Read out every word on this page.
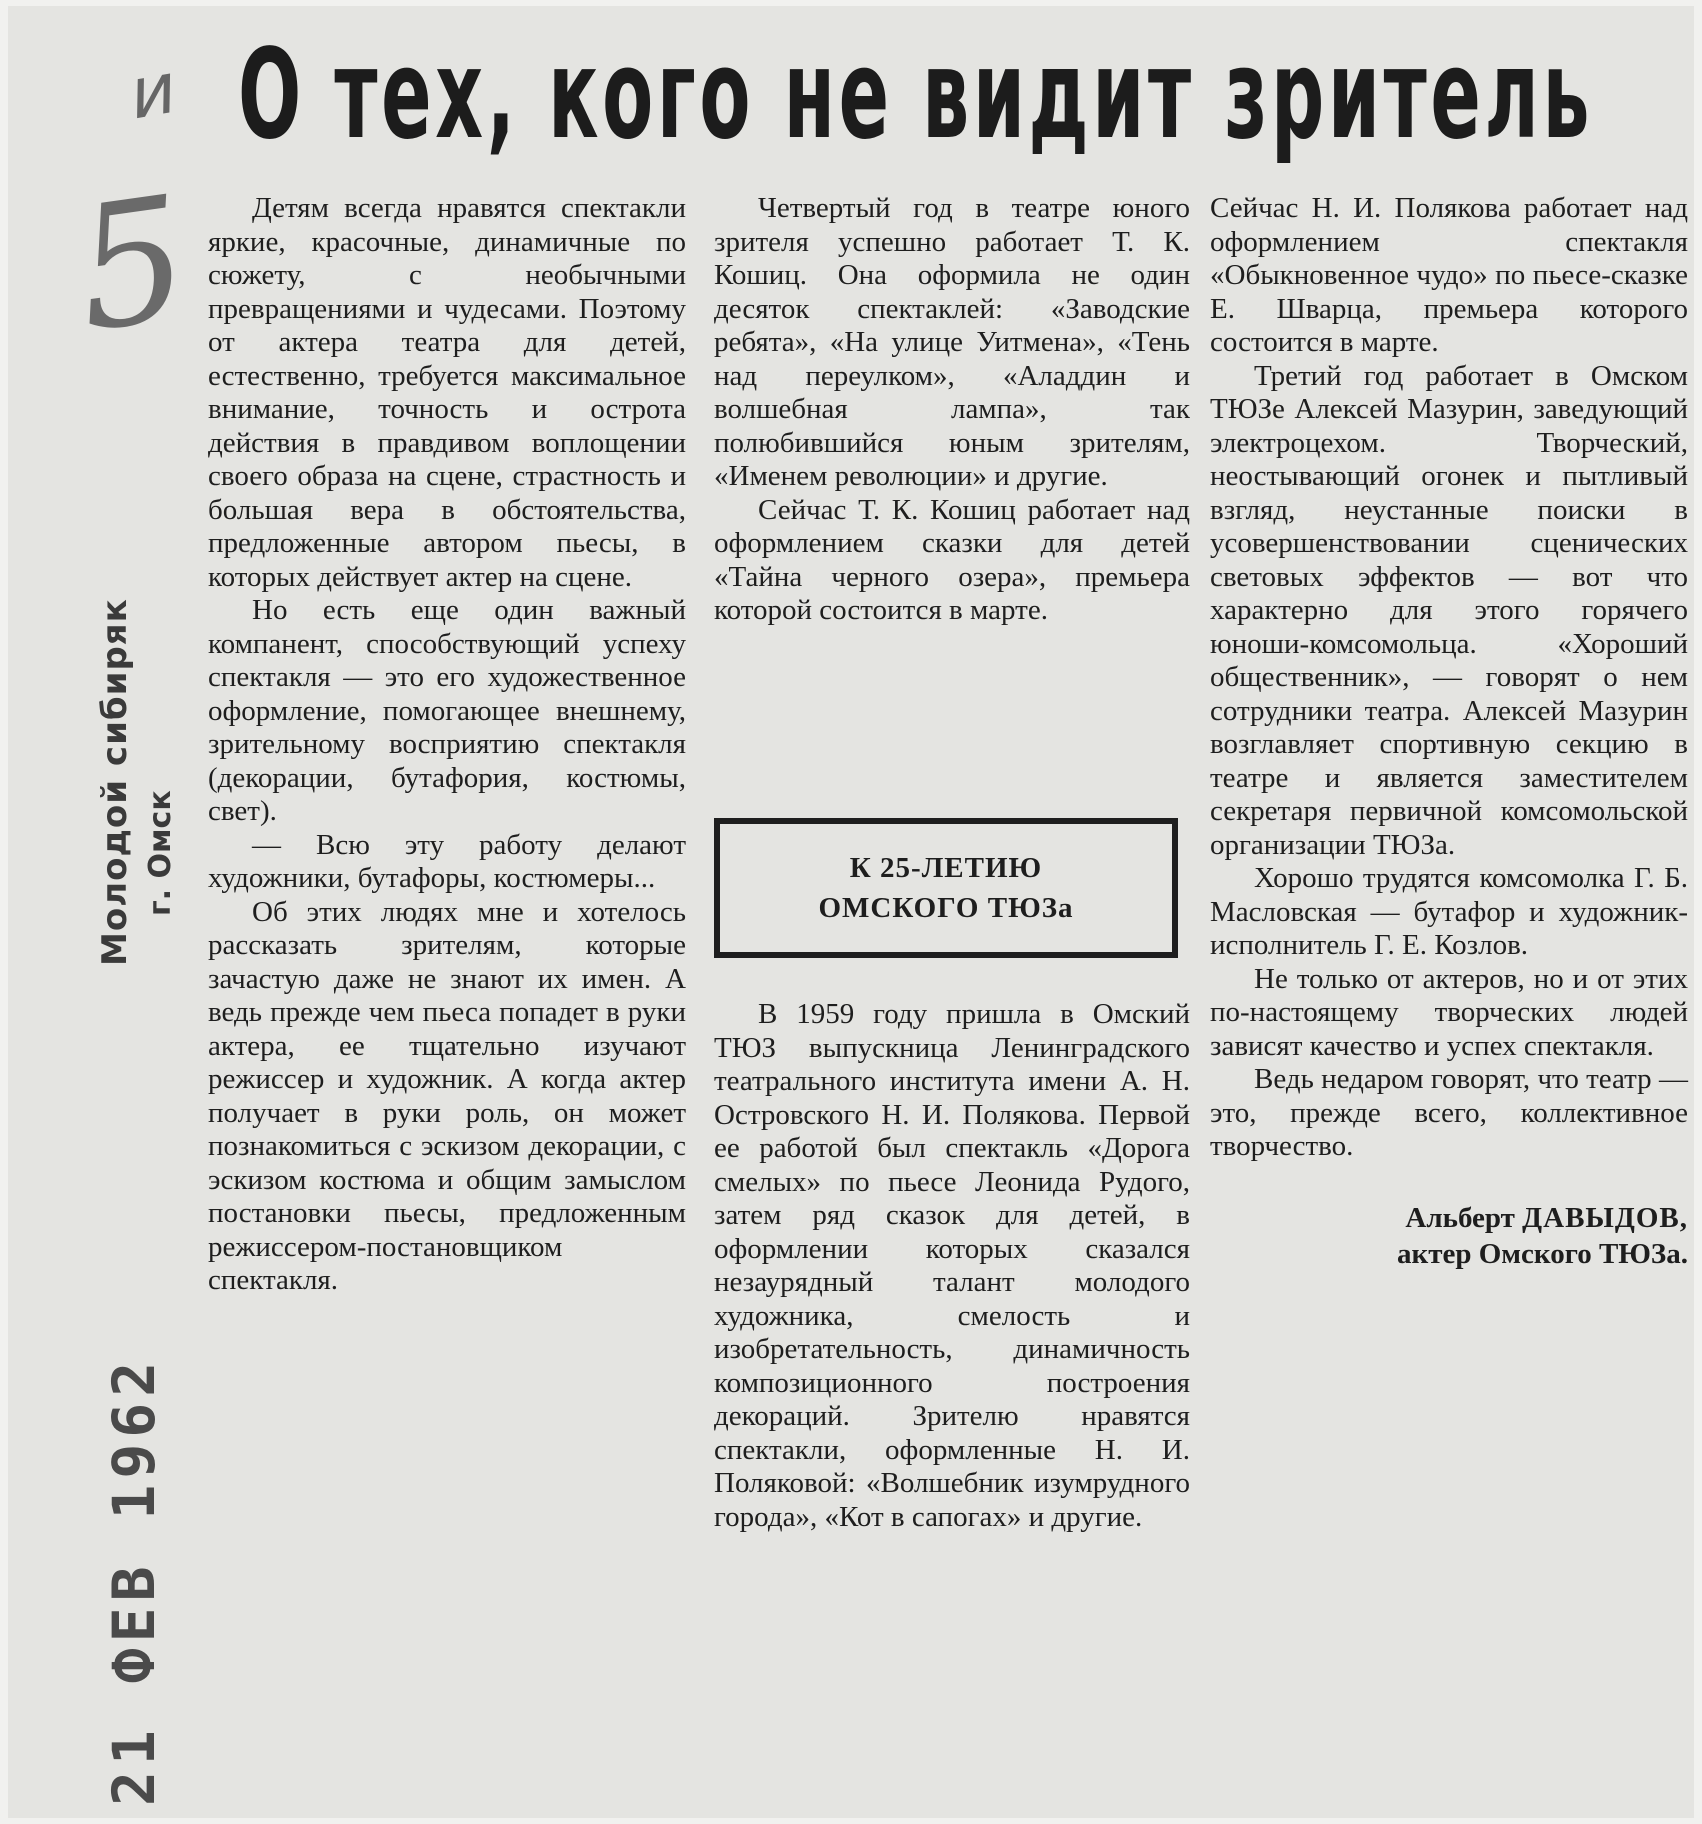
5
и О тех, кого не видит зритель
Молодой сибиряк г. Омск
21 ФЕВ 1962

Детям всегда нравятся спектакли яркие, красочные, динамичные по сюжету, с необычными превращениями и чудесами. Поэтому от актера театра для детей, естественно, требуется максимальное внимание, точность и острота действия в правдивом воплощении своего образа на сцене, страстность и большая вера в обстоятельства, предложенные автором пьесы, в которых действует актер на сцене.

Но есть еще один важный компанент, способствующий успеху спектакля — это его художественное оформление, помогающее внешнему, зрительному восприятию спектакля (декорации, бутафория, костюмы, свет).

— Всю эту работу делают художники, бутафоры, костюмеры...

Об этих людях мне и хотелось рассказать зрителям, которые зачастую даже не знают их имен. А ведь прежде чем пьеса попадет в руки актера, ее тщательно изучают режиссер и художник. А когда актер получает в руки роль, он может познакомиться с эскизом декорации, с эскизом костюма и общим замыслом постановки пьесы, предложенным режиссером-постановщиком спектакля.

Четвертый год в театре юного зрителя успешно работает Т. К. Кошиц. Она оформила не один десяток спектаклей: «Заводские ребята», «На улице Уитмена», «Тень над переулком», «Аладдин и волшебная лампа», так полюбившийся юным зрителям, «Именем революции» и другие.

Сейчас Т. К. Кошиц работает над оформлением сказки для детей «Тайна черного озера», премьера которой состоится в марте.

К 25-ЛЕТИЮ
ОМСКОГО ТЮЗа

В 1959 году пришла в Омский ТЮЗ выпускница Ленинградского театрального института имени А. Н. Островского Н. И. Полякова. Первой ее работой был спектакль «Дорога смелых» по пьесе Леонида Рудого, затем ряд сказок для детей, в оформлении которых сказался незаурядный талант молодого художника, смелость и изобретательность, динамичность композиционного построения декораций. Зрителю нравятся спектакли, оформленные Н. И. Поляковой: «Волшебник изумрудного города», «Кот в сапогах» и другие.

Сейчас Н. И. Полякова работает над оформлением спектакля «Обыкновенное чудо» по пьесе-сказке Е. Шварца, премьера которого состоится в марте.

Третий год работает в Омском ТЮЗе Алексей Мазурин, заведующий электроцехом. Творческий, неостывающий огонек и пытливый взгляд, неустанные поиски в усовершенствовании сценических световых эффектов — вот что характерно для этого горячего юноши-комсомольца. «Хороший общественник», — говорят о нем сотрудники театра. Алексей Мазурин возглавляет спортивную секцию в театре и является заместителем секретаря первичной комсомольской организации ТЮЗа.

Хорошо трудятся комсомолка Г. Б. Масловская — бутафор и художник-исполнитель Г. Е. Козлов.

Не только от актеров, но и от этих по-настоящему творческих людей зависят качество и успех спектакля.

Ведь недаром говорят, что театр — это, прежде всего, коллективное творчество.

Альберт ДАВЫДОВ,
актер Омского ТЮЗа.
